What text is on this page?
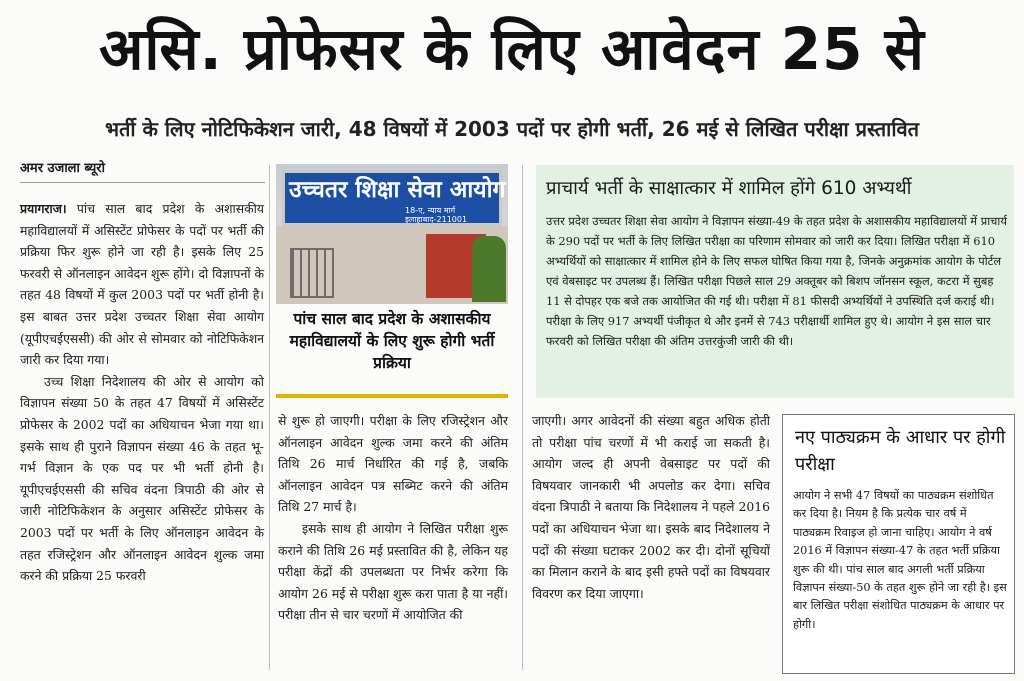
असि. प्रोफेसर के लिए आवेदन 25 से
भर्ती के लिए नोटिफिकेशन जारी, 48 विषयों में 2003 पदों पर होगी भर्ती, 26 मई से लिखित परीक्षा प्रस्तावित
अमर उजाला ब्यूरो

प्रयागराज। पांच साल बाद प्रदेश के अशासकीय महाविद्यालयों में असिस्टेंट प्रोफेसर के पदों पर भर्ती की प्रक्रिया फिर शुरू होने जा रही है। इसके लिए 25 फरवरी से ऑनलाइन आवेदन शुरू होंगे। दो विज्ञापनों के तहत 48 विषयों में कुल 2003 पदों पर भर्ती होनी है। इस बाबत उत्तर प्रदेश उच्चतर शिक्षा सेवा आयोग (यूपीएचईएससी) की ओर से सोमवार को नोटिफिकेशन जारी कर दिया गया।

उच्च शिक्षा निदेशालय की ओर से आयोग को विज्ञापन संख्या 50 के तहत 47 विषयों में असिस्टेंट प्रोफेसर के 2002 पदों का अधियाचन भेजा गया था। इसके साथ ही पुराने विज्ञापन संख्या 46 के तहत भू-गर्भ विज्ञान के एक पद पर भी भर्ती होनी है। यूपीएचईएससी की सचिव वंदना त्रिपाठी की ओर से जारी नोटिफिकेशन के अनुसार असिस्टेंट प्रोफेसर के 2003 पदों पर भर्ती के लिए ऑनलाइन आवेदन के तहत रजिस्ट्रेशन और ऑनलाइन आवेदन शुल्क जमा करने की प्रक्रिया 25 फरवरी

उच्चतर शिक्षा सेवा आयोग
18-ए, न्याय मार्ग
इलाहाबाद-211001
पांच साल बाद प्रदेश के अशासकीय महाविद्यालयों के लिए शुरू होगी भर्ती प्रक्रिया

से शुरू हो जाएगी। परीक्षा के लिए रजिस्ट्रेशन और ऑनलाइन आवेदन शुल्क जमा करने की अंतिम तिथि 26 मार्च निर्धारित की गई है, जबकि ऑनलाइन आवेदन पत्र सब्मिट करने की अंतिम तिथि 27 मार्च है।

इसके साथ ही आयोग ने लिखित परीक्षा शुरू कराने की तिथि 26 मई प्रस्तावित की है, लेकिन यह परीक्षा केंद्रों की उपलब्धता पर निर्भर करेगा कि आयोग 26 मई से परीक्षा शुरू करा पाता है या नहीं। परीक्षा तीन से चार चरणों में आयोजित की

प्राचार्य भर्ती के साक्षात्कार में शामिल होंगे 610 अभ्यर्थी
उत्तर प्रदेश उच्चतर शिक्षा सेवा आयोग ने विज्ञापन संख्या-49 के तहत प्रदेश के अशासकीय महाविद्यालयों में प्राचार्य के 290 पदों पर भर्ती के लिए लिखित परीक्षा का परिणाम सोमवार को जारी कर दिया। लिखित परीक्षा में 610 अभ्यर्थियों को साक्षात्कार में शामिल होने के लिए सफल घोषित किया गया है, जिनके अनुक्रमांक आयोग के पोर्टल एवं वेबसाइट पर उपलब्ध हैं। लिखित परीक्षा पिछले साल 29 अक्तूबर को बिशप जॉनसन स्कूल, कटरा में सुबह 11 से दोपहर एक बजे तक आयोजित की गई थी। परीक्षा में 81 फीसदी अभ्यर्थियों ने उपस्थिति दर्ज कराई थी। परीक्षा के लिए 917 अभ्यर्थी पंजीकृत थे और इनमें से 743 परीक्षार्थी शामिल हुए थे। आयोग ने इस साल चार फरवरी को लिखित परीक्षा की अंतिम उत्तरकुंजी जारी की थी।

जाएगी। अगर आवेदनों की संख्या बहुत अधिक होती तो परीक्षा पांच चरणों में भी कराई जा सकती है। आयोग जल्द ही अपनी वेबसाइट पर पदों की विषयवार जानकारी भी अपलोड कर देगा। सचिव वंदना त्रिपाठी ने बताया कि निदेशालय ने पहले 2016 पदों का अधियाचन भेजा था। इसके बाद निदेशालय ने पदों की संख्या घटाकर 2002 कर दी। दोनों सूचियों का मिलान कराने के बाद इसी हफ्ते पदों का विषयवार विवरण कर दिया जाएगा।

नए पाठ्यक्रम के आधार पर होगी परीक्षा
आयोग ने सभी 47 विषयों का पाठ्यक्रम संशोधित कर दिया है। नियम है कि प्रत्येक चार वर्ष में पाठ्यक्रम रिवाइज हो जाना चाहिए। आयोग ने वर्ष 2016 में विज्ञापन संख्या-47 के तहत भर्ती प्रक्रिया शुरू की थी। पांच साल बाद अगली भर्ती प्रक्रिया विज्ञापन संख्या-50 के तहत शुरू होने जा रही है। इस बार लिखित परीक्षा संशोधित पाठ्यक्रम के आधार पर होगी।
